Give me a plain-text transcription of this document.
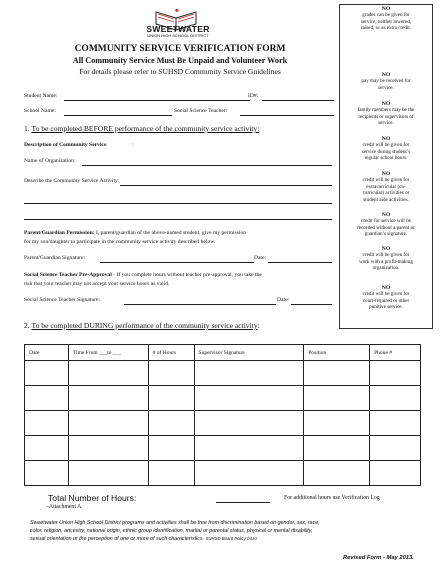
SWEETWATER
UNION HIGH SCHOOL DISTRICT
COMMUNITY SERVICE VERIFICATION FORM
All Community Service Must Be Unpaid and Volunteer Work
For details please refer to SUHSD Community Service Guidelines
Student Name:	ID#:
School Name:	Social Science Teacher:
1. To be completed BEFORE performance of the community service activity:
Description of Community Service	:
Name of Organization:
Describe the Community Service Activity:
Parent/Guardian Permission: I, parent/guardian of the above-named student, give my permission
for my son/daughter to participate in the community service activity described below.
Parent/Guardian Signature:	Date:
Social Science Teacher Pre-Approval - If you complete hours without teacher pre-approval, you take the
risk that your teacher may not accept your service hours as valid.
Social Science Teacher Signature:	Date:
2. To be completed DURING performance of the community service activity:
NO
grades can be given for
service, neither lowered,
raised, or as extra credit.
NO
pay may be received for
service.
NO
family members may be the
recipients or supervisors of
service.
NO
credit will be given for
service during student’s
regular school hours.
NO
credit will be given for
extracurricular (co-
curricular) activities or
student aide activities.
NO
credit for service will be
recorded without a parent or
guardian’s signature.
NO
credit will be given for
work with a profit-making
organization.
NO
credit will be given for
court-required or other
punitive service.
Date	Time From ___to ___	# of Hours	Supervisor Signature	Position	Phone #

Total Number of Hours:
–Attachment A.
For additional hours use Verification Log
Sweetwater Union High School District programs and activities shall be free from discrimination based on gender, sex, race,
color, religion, ancestry, national origin, ethnic group identification, marital or parental status, physical or mental disability,
sexual orientation or the perception of one or more of such characteristics. SUHSD Board Policy 0410.
Revised Form - May 2013.
